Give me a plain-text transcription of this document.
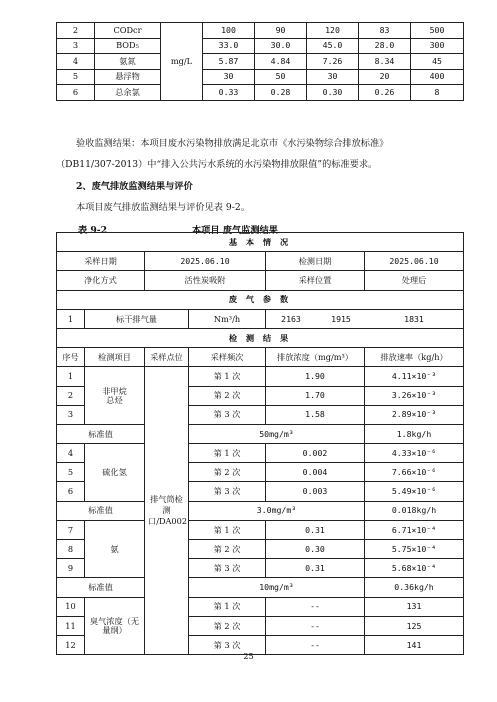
2	CODcr	mg/L	100	90	120	83	500
3	BOD₅		33.0	30.0	45.0	28.0	300
4	氨氮		5.87	4.84	7.26	8.34	45
5	悬浮物		30	50	30	20	400
6	总余氯		0.33	0.28	0.30	0.26	8
验收监测结果：本项目废水污染物排放满足北京市《水污染物综合排放标准》
（DB11/307-2013）中“排入公共污水系统的水污染物排放限值”的标准要求。
2、废气排放监测结果与评价
本项目废气排放监测结果与评价见表 9-2。
表 9-2	本项目 废气监测结果
基 本 情 况					
采样日期		2025.06.10		检测日期	2025.06.10
净化方式		活性炭吸附		采样位置	处理后
废 气 参 数					
1	标干排气量		Nm³/h	2163 1915 1831	
检 测 结 果					
序号	检测项目	采样点位	采样频次	排放浓度（mg/m³）	排放速率（kg/h）
1	非甲烷总烃	排气筒检测口/DA002	第 1 次	1.90	4.11×10⁻³
2			第 2 次	1.70	3.26×10⁻³
3			第 3 次	1.58	2.89×10⁻³
标准值			50mg/m³		1.8kg/h
4	硫化氢		第 1 次	0.002	4.33×10⁻⁶
5			第 2 次	0.004	7.66×10⁻⁶
6			第 3 次	0.003	5.49×10⁻⁶
标准值			3.0mg/m³		0.018kg/h
7	氨		第 1 次	0.31	6.71×10⁻⁴
8			第 2 次	0.30	5.75×10⁻⁴
9			第 3 次	0.31	5.68×10⁻⁴
标准值			10mg/m³		0.36kg/h
10	臭气浓度（无量纲）		第 1 次	--	131
11			第 2 次	--	125
12			第 3 次	--	141
25
